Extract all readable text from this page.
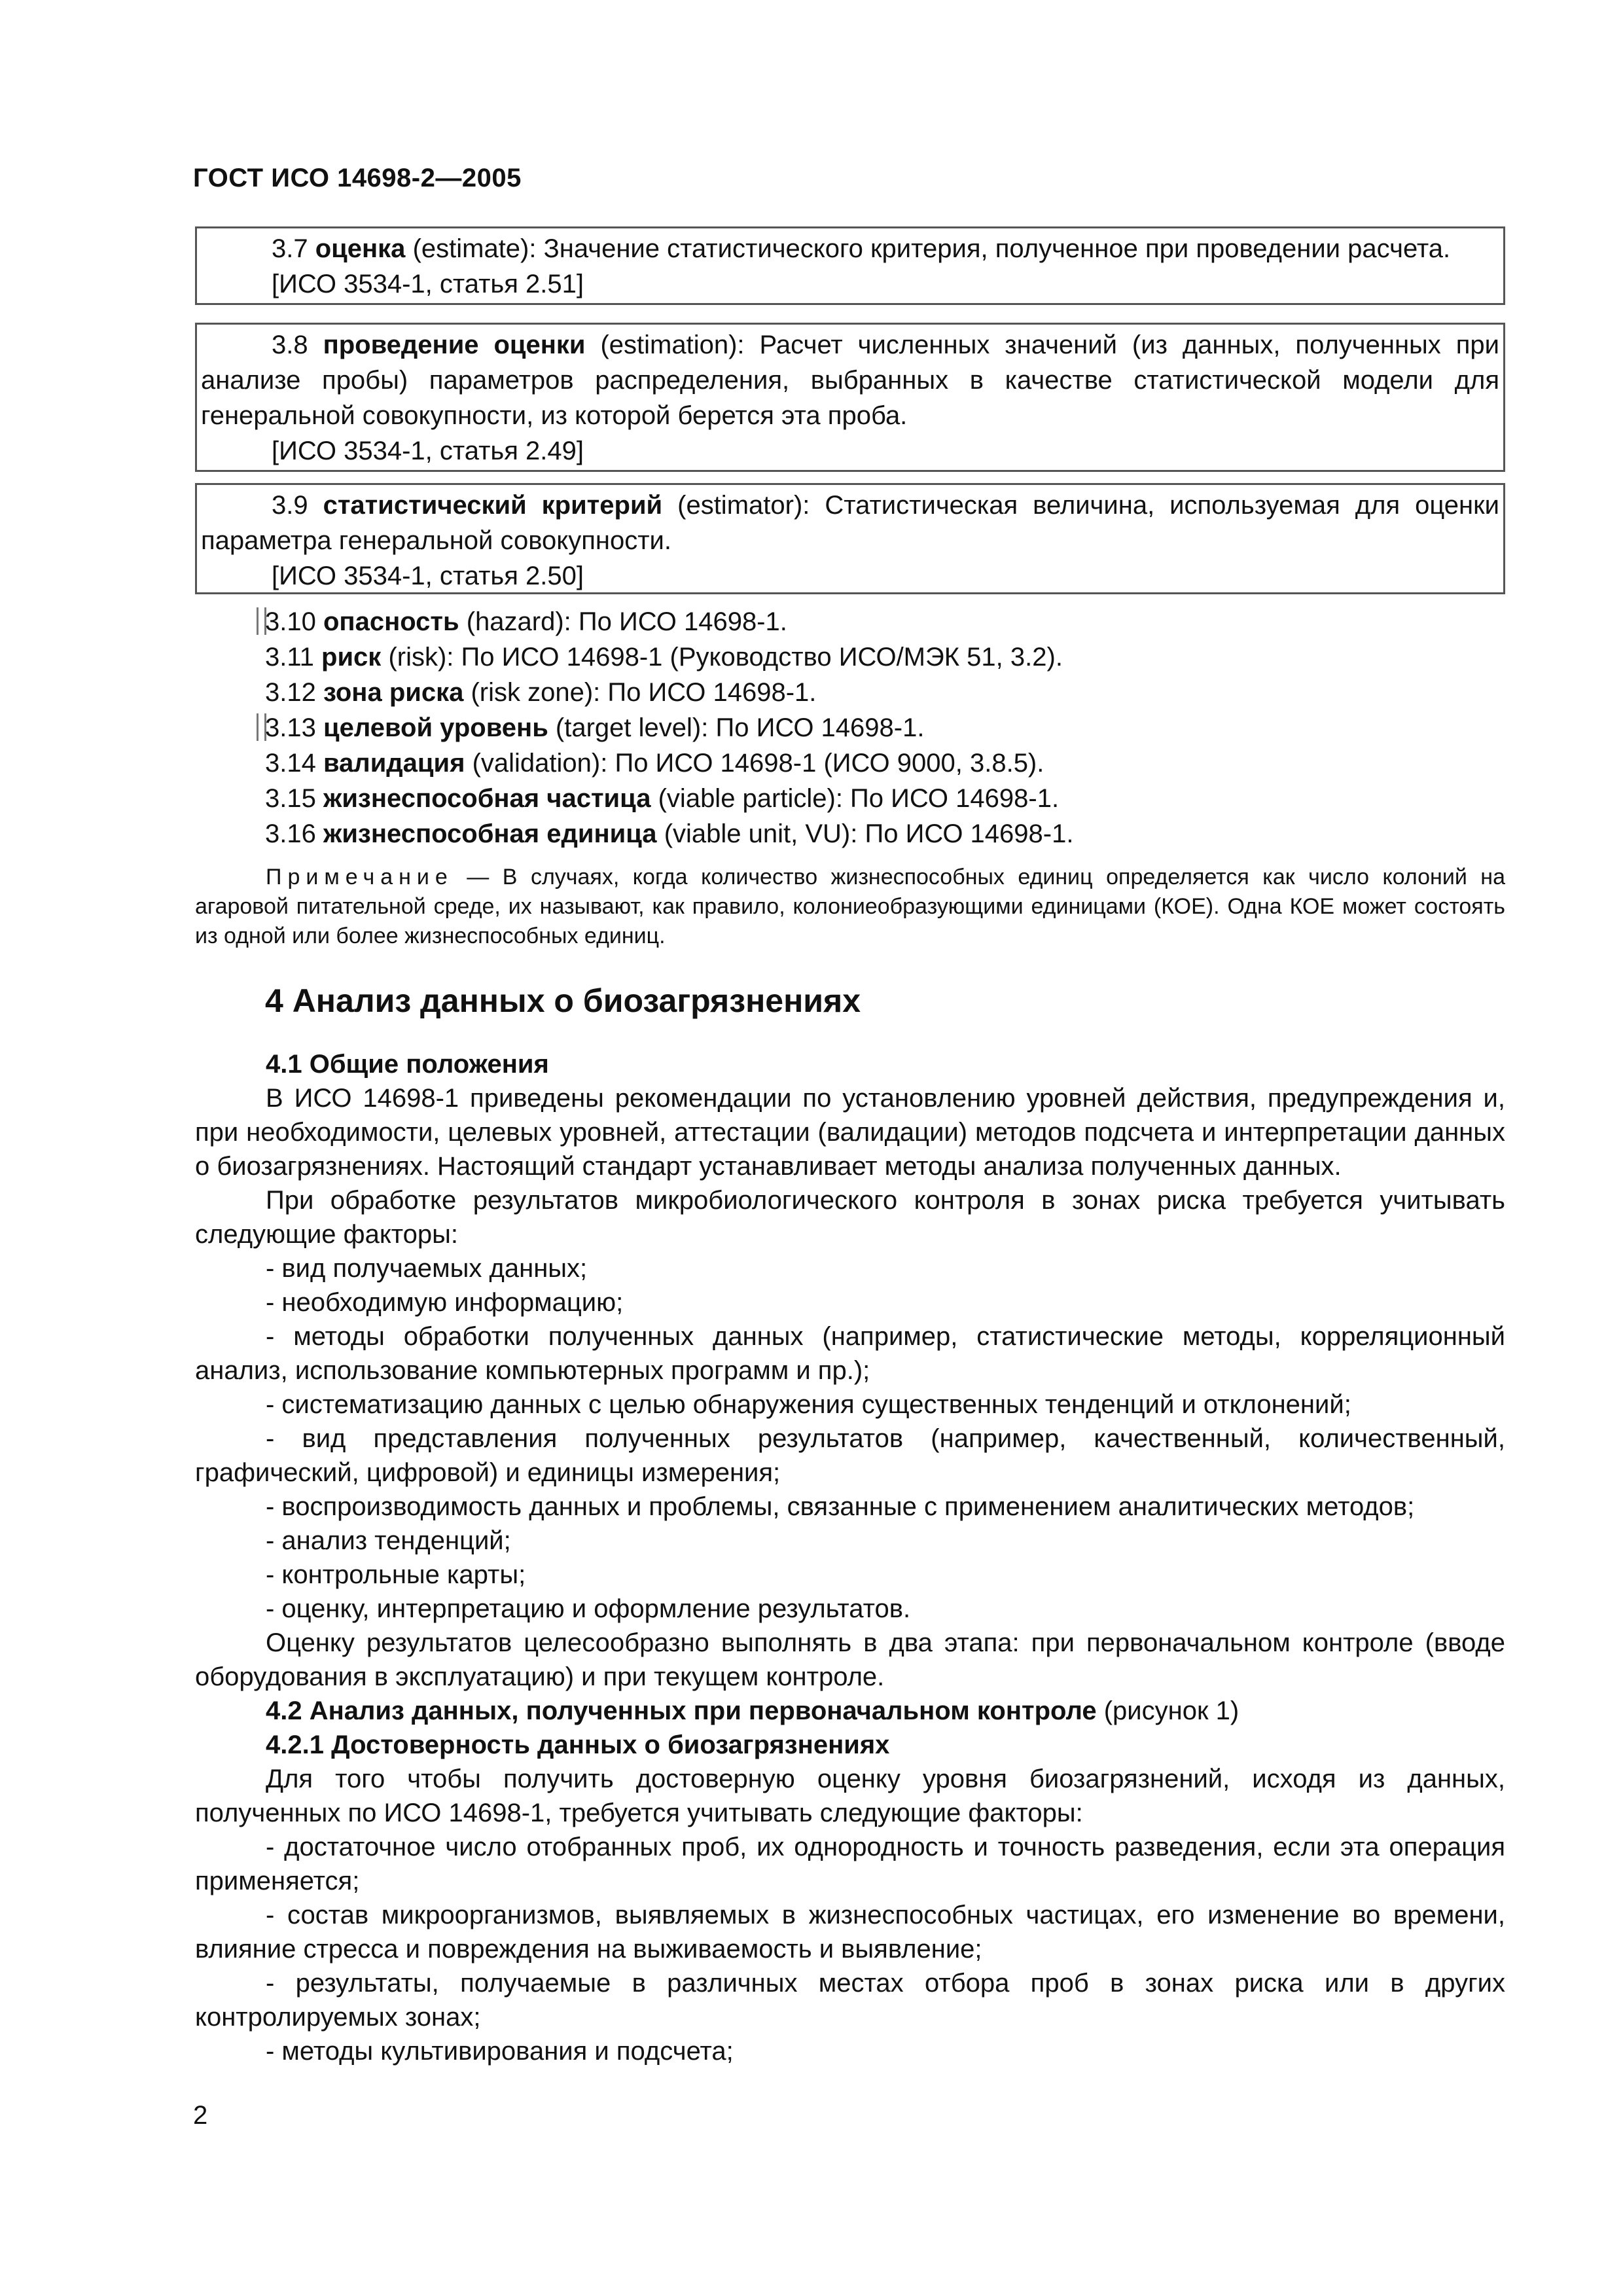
ГОСТ ИСО 14698-2—2005

3.7 оценка (estimate): Значение статистического критерия, полученное при проведении расчета.

[ИСО 3534-1, статья 2.51]

3.8 проведение оценки (estimation): Расчет численных значений (из данных, полученных при анализе пробы) параметров распределения, выбранных в качестве статистической модели для генеральной совокупности, из которой берется эта проба.

[ИСО 3534-1, статья 2.49]

3.9 статистический критерий (estimator): Статистическая величина, используемая для оценки параметра генеральной совокупности.

[ИСО 3534-1, статья 2.50]

3.10 опасность (hazard): По ИСО 14698-1.

3.11 риск (risk): По ИСО 14698-1 (Руководство ИСО/МЭК 51, 3.2).

3.12 зона риска (risk zone): По ИСО 14698-1.

3.13 целевой уровень (target level): По ИСО 14698-1.

3.14 валидация (validation): По ИСО 14698-1 (ИСО 9000, 3.8.5).

3.15 жизнеспособная частица (viable particle): По ИСО 14698-1.

3.16 жизнеспособная единица (viable unit, VU): По ИСО 14698-1.

Примечание — В случаях, когда количество жизнеспособных единиц определяется как число колоний на агаровой питательной среде, их называют, как правило, колониеобразующими единицами (КОЕ). Одна КОЕ может состоять из одной или более жизнеспособных единиц.

4 Анализ данных о биозагрязнениях

4.1 Общие положения

В ИСО 14698-1 приведены рекомендации по установлению уровней действия, предупреждения и, при необходимости, целевых уровней, аттестации (валидации) методов подсчета и интерпретации данных о биозагрязнениях. Настоящий стандарт устанавливает методы анализа полученных данных.

При обработке результатов микробиологического контроля в зонах риска требуется учитывать следующие факторы:

- вид получаемых данных;

- необходимую информацию;

- методы обработки полученных данных (например, статистические методы, корреляционный анализ, использование компьютерных программ и пр.);

- систематизацию данных с целью обнаружения существенных тенденций и отклонений;

- вид представления полученных результатов (например, качественный, количественный, графический, цифровой) и единицы измерения;

- воспроизводимость данных и проблемы, связанные с применением аналитических методов;

- анализ тенденций;

- контрольные карты;

- оценку, интерпретацию и оформление результатов.

Оценку результатов целесообразно выполнять в два этапа: при первоначальном контроле (вводе оборудования в эксплуатацию) и при текущем контроле.

4.2 Анализ данных, полученных при первоначальном контроле (рисунок 1)

4.2.1 Достоверность данных о биозагрязнениях

Для того чтобы получить достоверную оценку уровня биозагрязнений, исходя из данных, полученных по ИСО 14698-1, требуется учитывать следующие факторы:

- достаточное число отобранных проб, их однородность и точность разведения, если эта операция применяется;

- состав микроорганизмов, выявляемых в жизнеспособных частицах, его изменение во времени, влияние стресса и повреждения на выживаемость и выявление;

- результаты, получаемые в различных местах отбора проб в зонах риска или в других контролируемых зонах;

- методы культивирования и подсчета;

2
